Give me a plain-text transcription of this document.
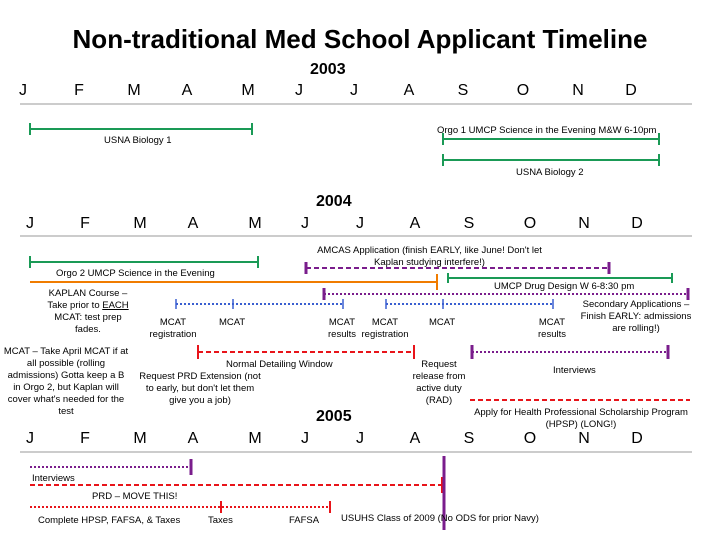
Non-traditional Med School Applicant Timeline
2003
J	F	M	A	M	J	J	A	S	O	N	D
USNA Biology 1
Orgo 1 UMCP Science in the Evening M&W 6-10pm
USNA Biology 2
2004
J	F	M	A	M	J	J	A	S	O	N	D
AMCAS Application (finish EARLY, like June! Don't let Kaplan studying interfere!)
Orgo 2 UMCP Science in the Evening
KAPLAN Course – Take prior to EACH MCAT: test prep fades.
UMCP Drug Design W 6-8:30 pm
Secondary Applications – Finish EARLY: admissions are rolling!)
MCAT registration
MCAT	MCAT results
MCAT registration
MCAT	MCAT results
MCAT – Take April MCAT if at all possible (rolling admissions) Gotta keep a B in Orgo 2, but Kaplan will cover what's needed for the test
Normal Detailing Window
Request PRD Extension (not to early, but don't let them give you a job)
Request release from active duty (RAD)
Interviews
Apply for Health Professional Scholarship Program (HPSP) (LONG!)
2005
J	F	M	A	M	J	J	A	S	O	N	D
Interviews
PRD – MOVE THIS!
Complete HPSP, FAFSA, & Taxes	Taxes	FAFSA USUHS Class of 2009 (No ODS for prior Navy)
